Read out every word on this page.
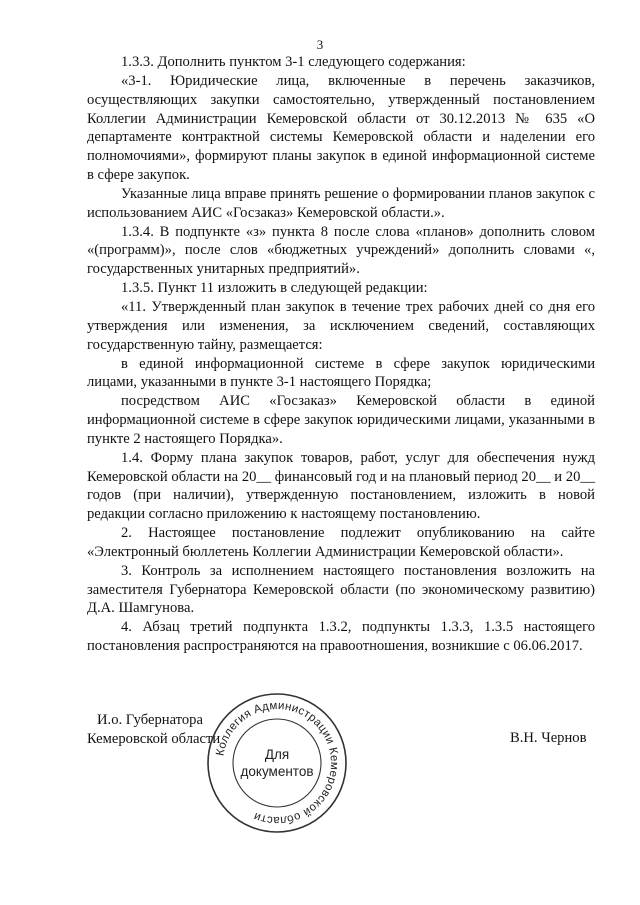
3

1.3.3. Дополнить пунктом 3-1 следующего содержания:

«3-1. Юридические лица, включенные в перечень заказчиков, осуществляющих закупки самостоятельно, утвержденный постановлением Коллегии Администрации Кемеровской области от 30.12.2013 № 635 «О департаменте контрактной системы Кемеровской области и наделении его полномочиями», формируют планы закупок в единой информационной системе в сфере закупок.

Указанные лица вправе принять решение о формировании планов закупок с использованием АИС «Госзаказ» Кемеровской области.».

1.3.4. В подпункте «з» пункта 8 после слова «планов» дополнить словом «(программ)», после слов «бюджетных учреждений» дополнить словами «, государственных унитарных предприятий».

1.3.5. Пункт 11 изложить в следующей редакции:

«11. Утвержденный план закупок в течение трех рабочих дней со дня его утверждения или изменения, за исключением сведений, составляющих государственную тайну, размещается:

в единой информационной системе в сфере закупок юридическими лицами, указанными в пункте 3-1 настоящего Порядка;

посредством АИС «Госзаказ» Кемеровской области в единой информационной системе в сфере закупок юридическими лицами, указанными в пункте 2 настоящего Порядка».

1.4. Форму плана закупок товаров, работ, услуг для обеспечения нужд Кемеровской области на 20__ финансовый год и на плановый период 20__ и 20__ годов (при наличии), утвержденную постановлением, изложить в новой редакции согласно приложению к настоящему постановлению.

2. Настоящее постановление подлежит опубликованию на сайте «Электронный бюллетень Коллегии Администрации Кемеровской области».

3. Контроль за исполнением настоящего постановления возложить на заместителя Губернатора Кемеровской области (по экономическому развитию) Д.А. Шамгунова.

4. Абзац третий подпункта 1.3.2, подпункты 1.3.3, 1.3.5 настоящего постановления распространяются на правоотношения, возникшие с 06.06.2017.

И.о. Губернатора
Кемеровской области
Коллегия Администрации Кемеровской области
Для
документов
В.Н. Чернов
